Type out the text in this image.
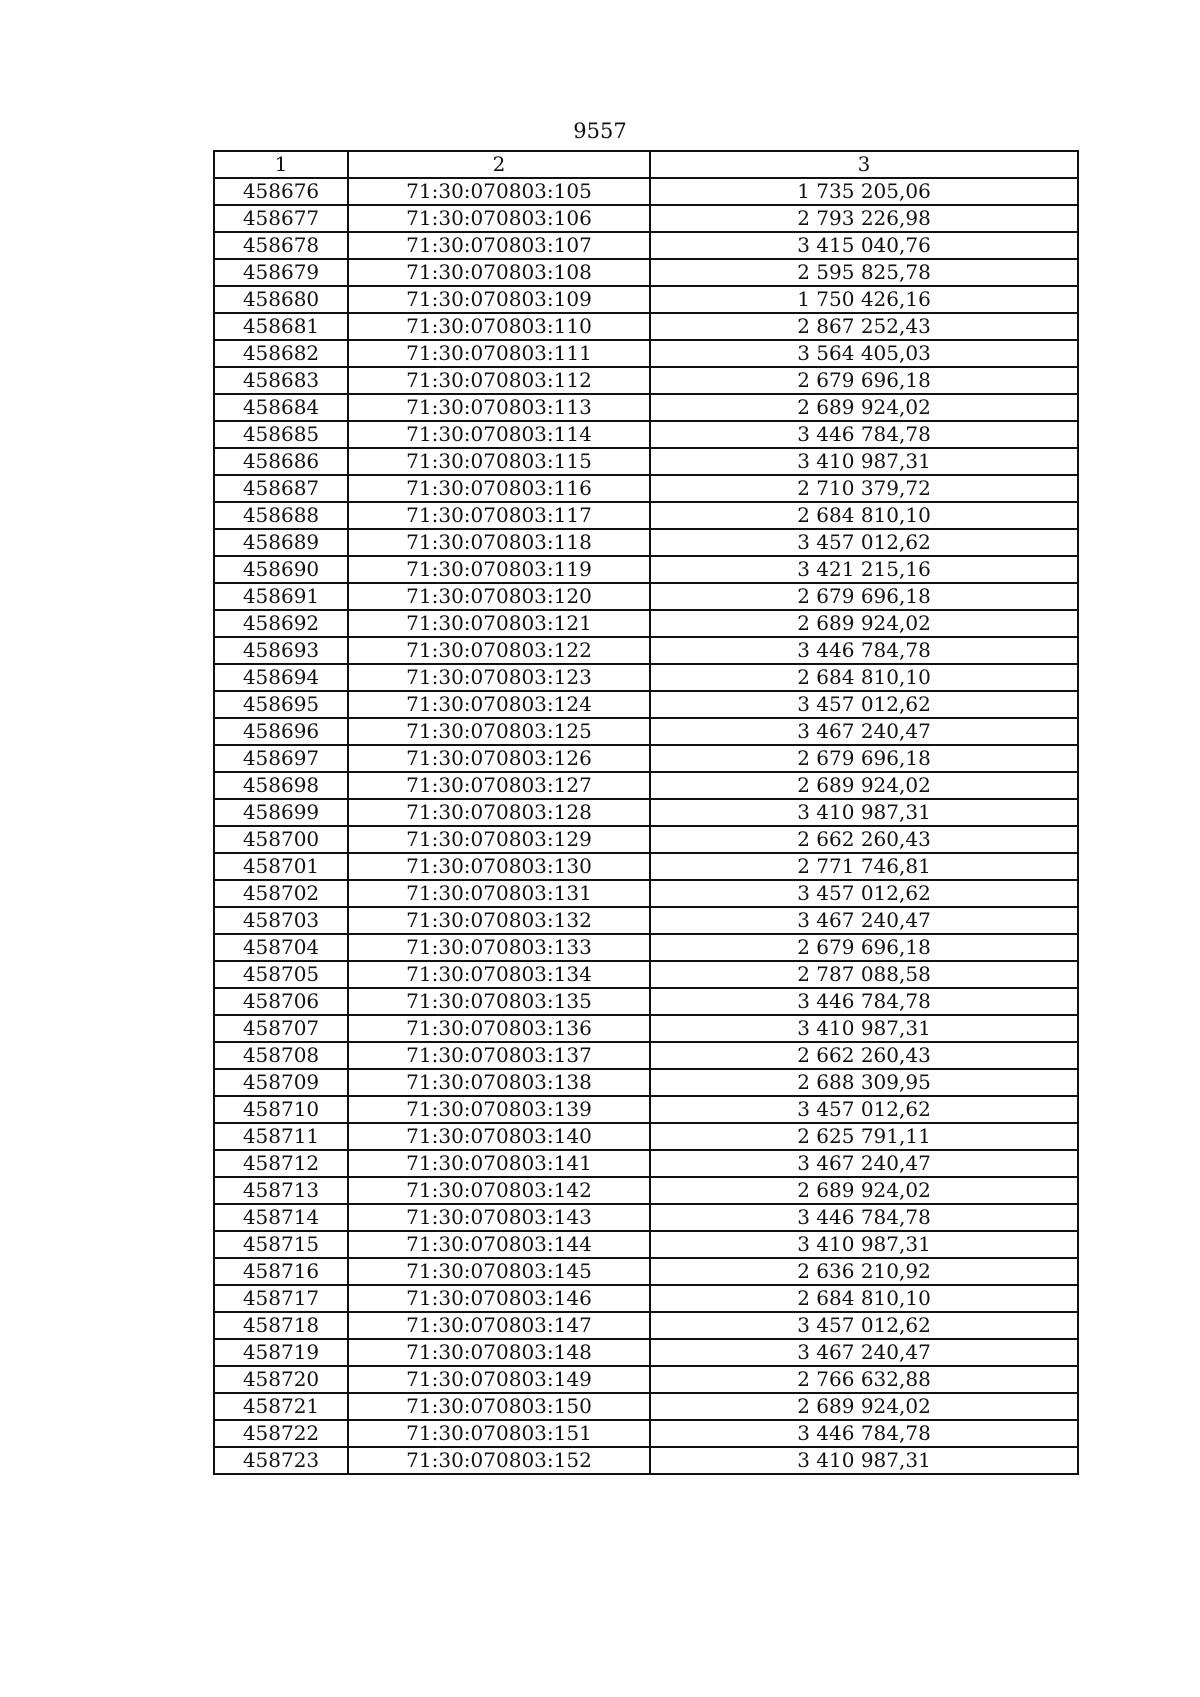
9557
1	2	3
458676	71:30:070803:105	1 735 205,06
458677	71:30:070803:106	2 793 226,98
458678	71:30:070803:107	3 415 040,76
458679	71:30:070803:108	2 595 825,78
458680	71:30:070803:109	1 750 426,16
458681	71:30:070803:110	2 867 252,43
458682	71:30:070803:111	3 564 405,03
458683	71:30:070803:112	2 679 696,18
458684	71:30:070803:113	2 689 924,02
458685	71:30:070803:114	3 446 784,78
458686	71:30:070803:115	3 410 987,31
458687	71:30:070803:116	2 710 379,72
458688	71:30:070803:117	2 684 810,10
458689	71:30:070803:118	3 457 012,62
458690	71:30:070803:119	3 421 215,16
458691	71:30:070803:120	2 679 696,18
458692	71:30:070803:121	2 689 924,02
458693	71:30:070803:122	3 446 784,78
458694	71:30:070803:123	2 684 810,10
458695	71:30:070803:124	3 457 012,62
458696	71:30:070803:125	3 467 240,47
458697	71:30:070803:126	2 679 696,18
458698	71:30:070803:127	2 689 924,02
458699	71:30:070803:128	3 410 987,31
458700	71:30:070803:129	2 662 260,43
458701	71:30:070803:130	2 771 746,81
458702	71:30:070803:131	3 457 012,62
458703	71:30:070803:132	3 467 240,47
458704	71:30:070803:133	2 679 696,18
458705	71:30:070803:134	2 787 088,58
458706	71:30:070803:135	3 446 784,78
458707	71:30:070803:136	3 410 987,31
458708	71:30:070803:137	2 662 260,43
458709	71:30:070803:138	2 688 309,95
458710	71:30:070803:139	3 457 012,62
458711	71:30:070803:140	2 625 791,11
458712	71:30:070803:141	3 467 240,47
458713	71:30:070803:142	2 689 924,02
458714	71:30:070803:143	3 446 784,78
458715	71:30:070803:144	3 410 987,31
458716	71:30:070803:145	2 636 210,92
458717	71:30:070803:146	2 684 810,10
458718	71:30:070803:147	3 457 012,62
458719	71:30:070803:148	3 467 240,47
458720	71:30:070803:149	2 766 632,88
458721	71:30:070803:150	2 689 924,02
458722	71:30:070803:151	3 446 784,78
458723	71:30:070803:152	3 410 987,31
